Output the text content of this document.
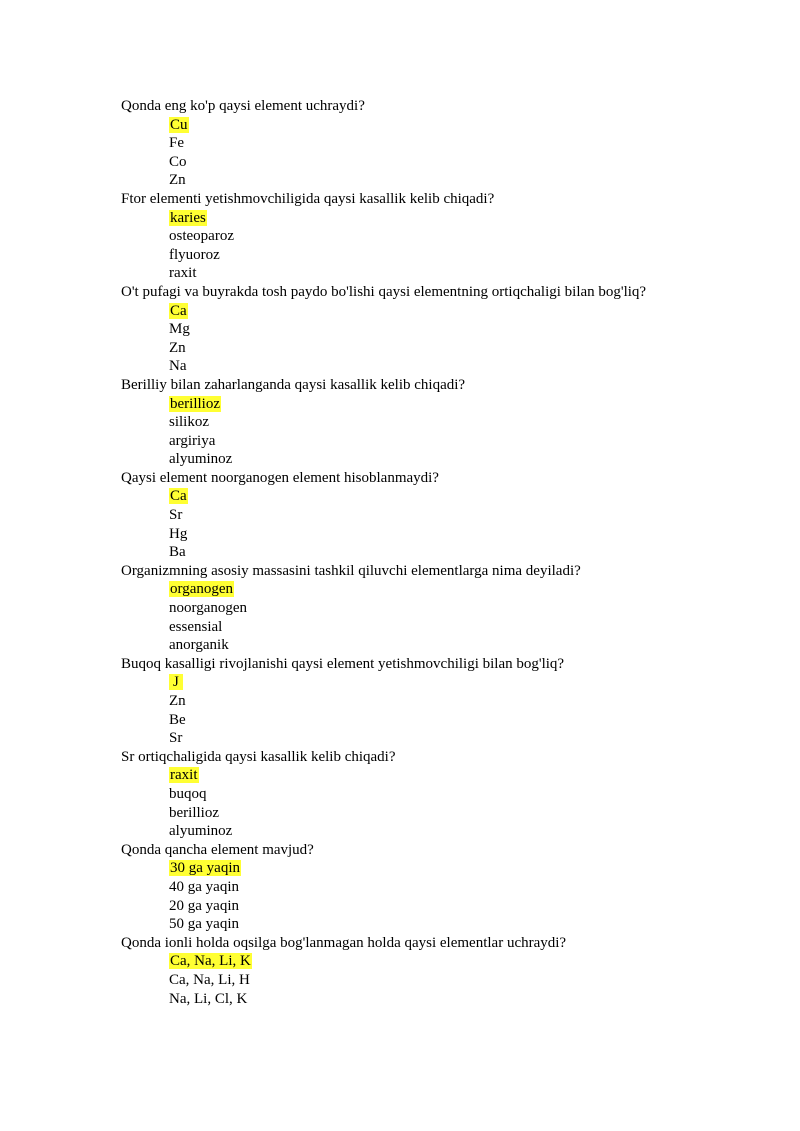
Qonda eng ko'p qaysi element uchraydi?
Cu
Fe
Co
Zn
Ftor elementi yetishmovchiligida qaysi kasallik kelib chiqadi?
karies
osteoparoz
flyuoroz
raxit
O't pufagi va buyrakda tosh paydo bo'lishi qaysi elementning ortiqchaligi bilan bog'liq?
Ca
Mg
Zn
Na
Berilliy bilan zaharlanganda qaysi kasallik kelib chiqadi?
berillioz
silikoz
argiriya
alyuminoz
Qaysi element noorganogen element hisoblanmaydi?
Ca
Sr
Hg
Ba
Organizmning asosiy massasini tashkil qiluvchi elementlarga nima deyiladi?
organogen
noorganogen
essensial
anorganik
Buqoq kasalligi rivojlanishi qaysi element yetishmovchiligi bilan bog'liq?
J
Zn
Be
Sr
Sr ortiqchaligida qaysi kasallik kelib chiqadi?
raxit
buqoq
berillioz
alyuminoz
Qonda qancha element mavjud?
30 ga yaqin
40 ga yaqin
20 ga yaqin
50 ga yaqin
Qonda ionli holda oqsilga bog'lanmagan holda qaysi elementlar uchraydi?
Ca, Na, Li, K
Ca, Na, Li, H
Na, Li, Cl, K
